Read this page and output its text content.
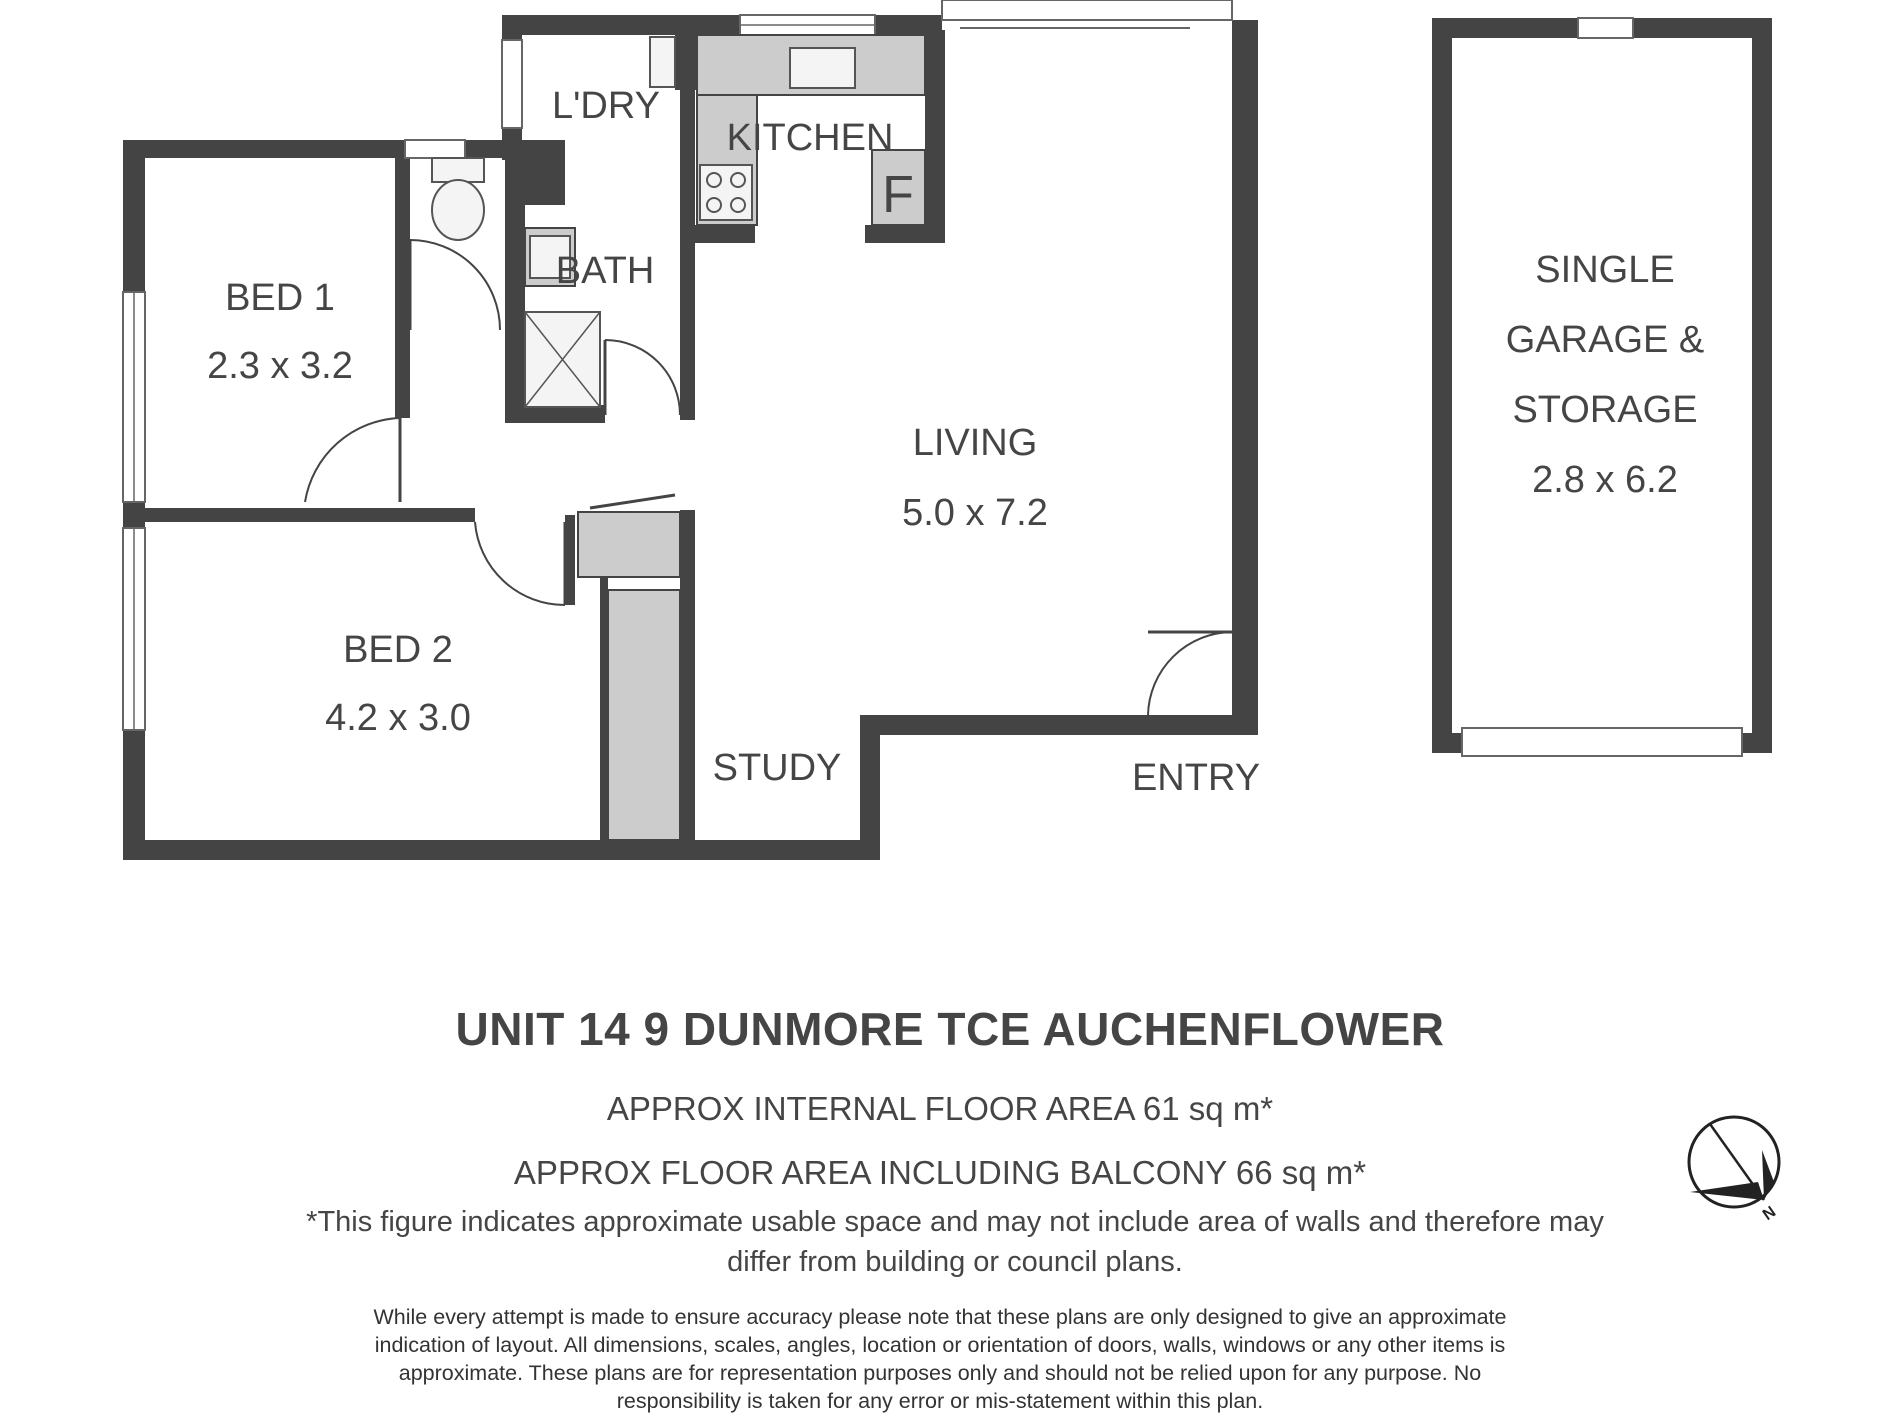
BED 1
2.3 x 3.2
BED 2
4.2 x 3.0
L'DRY
KITCHEN
F
BATH
LIVING
5.0 x 7.2
STUDY	ENTRY
SINGLE
GARAGE &
STORAGE
2.8 x 6.2
UNIT 14 9 DUNMORE TCE AUCHENFLOWER

APPROX INTERNAL FLOOR AREA 61 sq m*

APPROX FLOOR AREA INCLUDING BALCONY 66 sq m*

*This figure indicates approximate usable space and may not include area of walls and therefore may
differ from building or council plans.

While every attempt is made to ensure accuracy please note that these plans are only designed to give an approximate
indication of layout. All dimensions, scales, angles, location or orientation of doors, walls, windows or any other items is
approximate. These plans are for representation purposes only and should not be relied upon for any purpose. No
responsibility is taken for any error or mis-statement within this plan.

N
